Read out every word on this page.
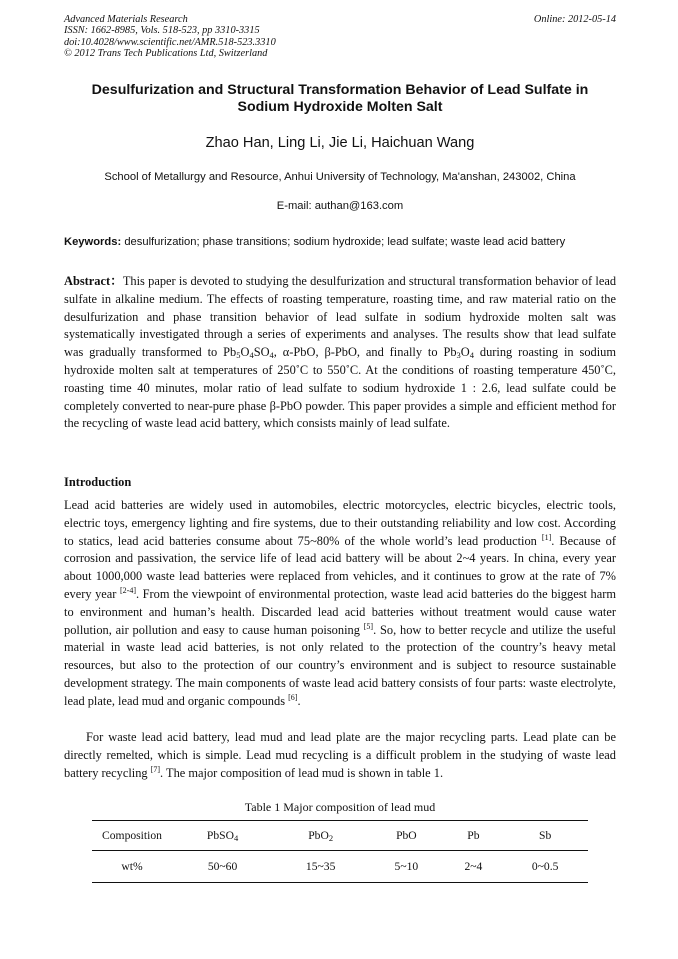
Advanced Materials Research
ISSN: 1662-8985, Vols. 518-523, pp 3310-3315
doi:10.4028/www.scientific.net/AMR.518-523.3310
© 2012 Trans Tech Publications Ltd, Switzerland
Online: 2012-05-14
Desulfurization and Structural Transformation Behavior of Lead Sulfate in Sodium Hydroxide Molten Salt
Zhao Han, Ling Li, Jie Li, Haichuan Wang
School of Metallurgy and Resource, Anhui University of Technology, Ma'anshan, 243002, China
E-mail: authan@163.com
Keywords: desulfurization; phase transitions; sodium hydroxide; lead sulfate; waste lead acid battery
Abstract：This paper is devoted to studying the desulfurization and structural transformation behavior of lead sulfate in alkaline medium. The effects of roasting temperature, roasting time, and raw material ratio on the desulfurization and phase transition behavior of lead sulfate in sodium hydroxide molten salt was systematically investigated through a series of experiments and analyses. The results show that lead sulfate was gradually transformed to $Pb_5O_4SO_4$, α-PbO, β-PbO, and finally to $Pb_3O_4$ during roasting in sodium hydroxide molten salt at temperatures of 250˚C to 550˚C. At the conditions of roasting temperature 450˚C, roasting time 40 minutes, molar ratio of lead sulfate to sodium hydroxide 1 : 2.6, lead sulfate could be completely converted to near-pure phase β-PbO powder. This paper provides a simple and efficient method for the recycling of waste lead acid battery, which consists mainly of lead sulfate.
Introduction
Lead acid batteries are widely used in automobiles, electric motorcycles, electric bicycles, electric tools, electric toys, emergency lighting and fire systems, due to their outstanding reliability and low cost. According to statics, lead acid batteries consume about 75~80% of the whole world’s lead production [1]. Because of corrosion and passivation, the service life of lead acid battery will be about 2~4 years. In china, every year about 1000,000 waste lead batteries were replaced from vehicles, and it continues to grow at the rate of 7% every year [2-4]. From the viewpoint of environmental protection, waste lead acid batteries do the biggest harm to environment and human’s health. Discarded lead acid batteries without treatment would cause water pollution, air pollution and easy to cause human poisoning [5]. So, how to better recycle and utilize the useful material in waste lead acid batteries, is not only related to the protection of the country’s heavy metal resources, but also to the protection of our country’s environment and is subject to resource sustainable development strategy. The main components of waste lead acid battery consists of four parts: waste electrolyte, lead plate, lead mud and organic compounds [6].
For waste lead acid battery, lead mud and lead plate are the major recycling parts. Lead plate can be directly remelted, which is simple. Lead mud recycling is a difficult problem in the studying of waste lead battery recycling [7]. The major composition of lead mud is shown in table 1.
Table 1 Major composition of lead mud
Composition	PbSO$_4$	PbO$_2$	PbO	Pb	Sb
wt%	50~60	15~35	5~10	2~4	0~0.5
